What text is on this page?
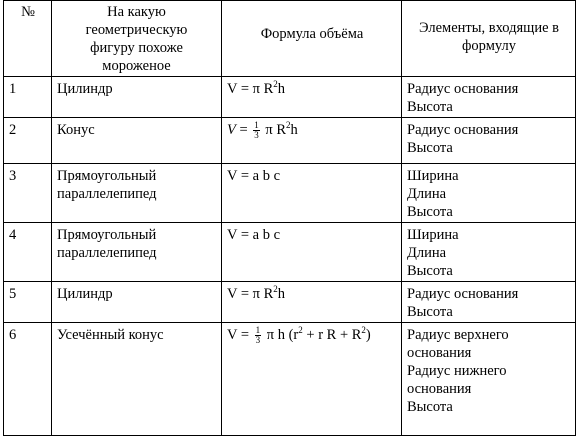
№	На какую геометрическую фигуру похоже мороженое	Формула объёма	Элементы, входящие в формулу
1	Цилиндр	V = π $R^2h$	Радиус основания
Высота

2	Конус	$V = \frac{1}{3}$ π $R^2h$	Радиус основания
Высота

3	Прямоугольный параллелепипед	V = a b c	Ширина
Длина
Высота

4	Прямоугольный параллелепипед	V = a b c	Ширина
Длина
Высота

5	Цилиндр	V = π $R^2h$	Радиус основания
Высота

6	Усечённый конус	$V = \frac{1}{3}$ π h ($r^2 + r$ $R + R^2$)	Радиус верхнего основания
Радиус нижнего основания
Высота
